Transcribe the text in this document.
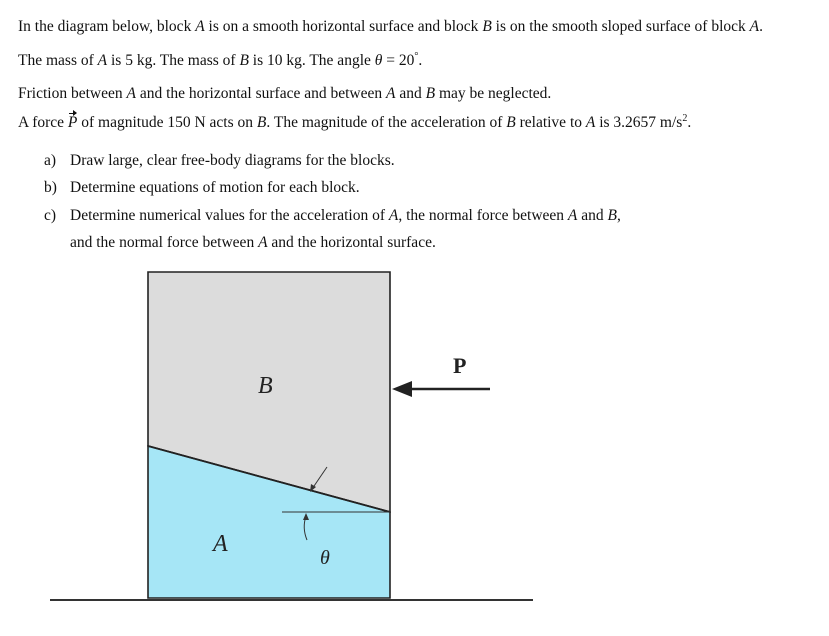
In the diagram below, block A is on a smooth horizontal surface and block B is on the smooth sloped surface of block A.
The mass of A is 5 kg. The mass of B is 10 kg. The angle θ = 20°.
Friction between A and the horizontal surface and between A and B may be neglected.
A force P of magnitude 150 N acts on B. The magnitude of the acceleration of B relative to A is 3.2657 $m/s^2$.
a) Draw large, clear free-body diagrams for the blocks.
b) Determine equations of motion for each block.
c) Determine numerical values for the acceleration of A, the normal force between A and B,
and the normal force between A and the horizontal surface.
B
A
θ
P
